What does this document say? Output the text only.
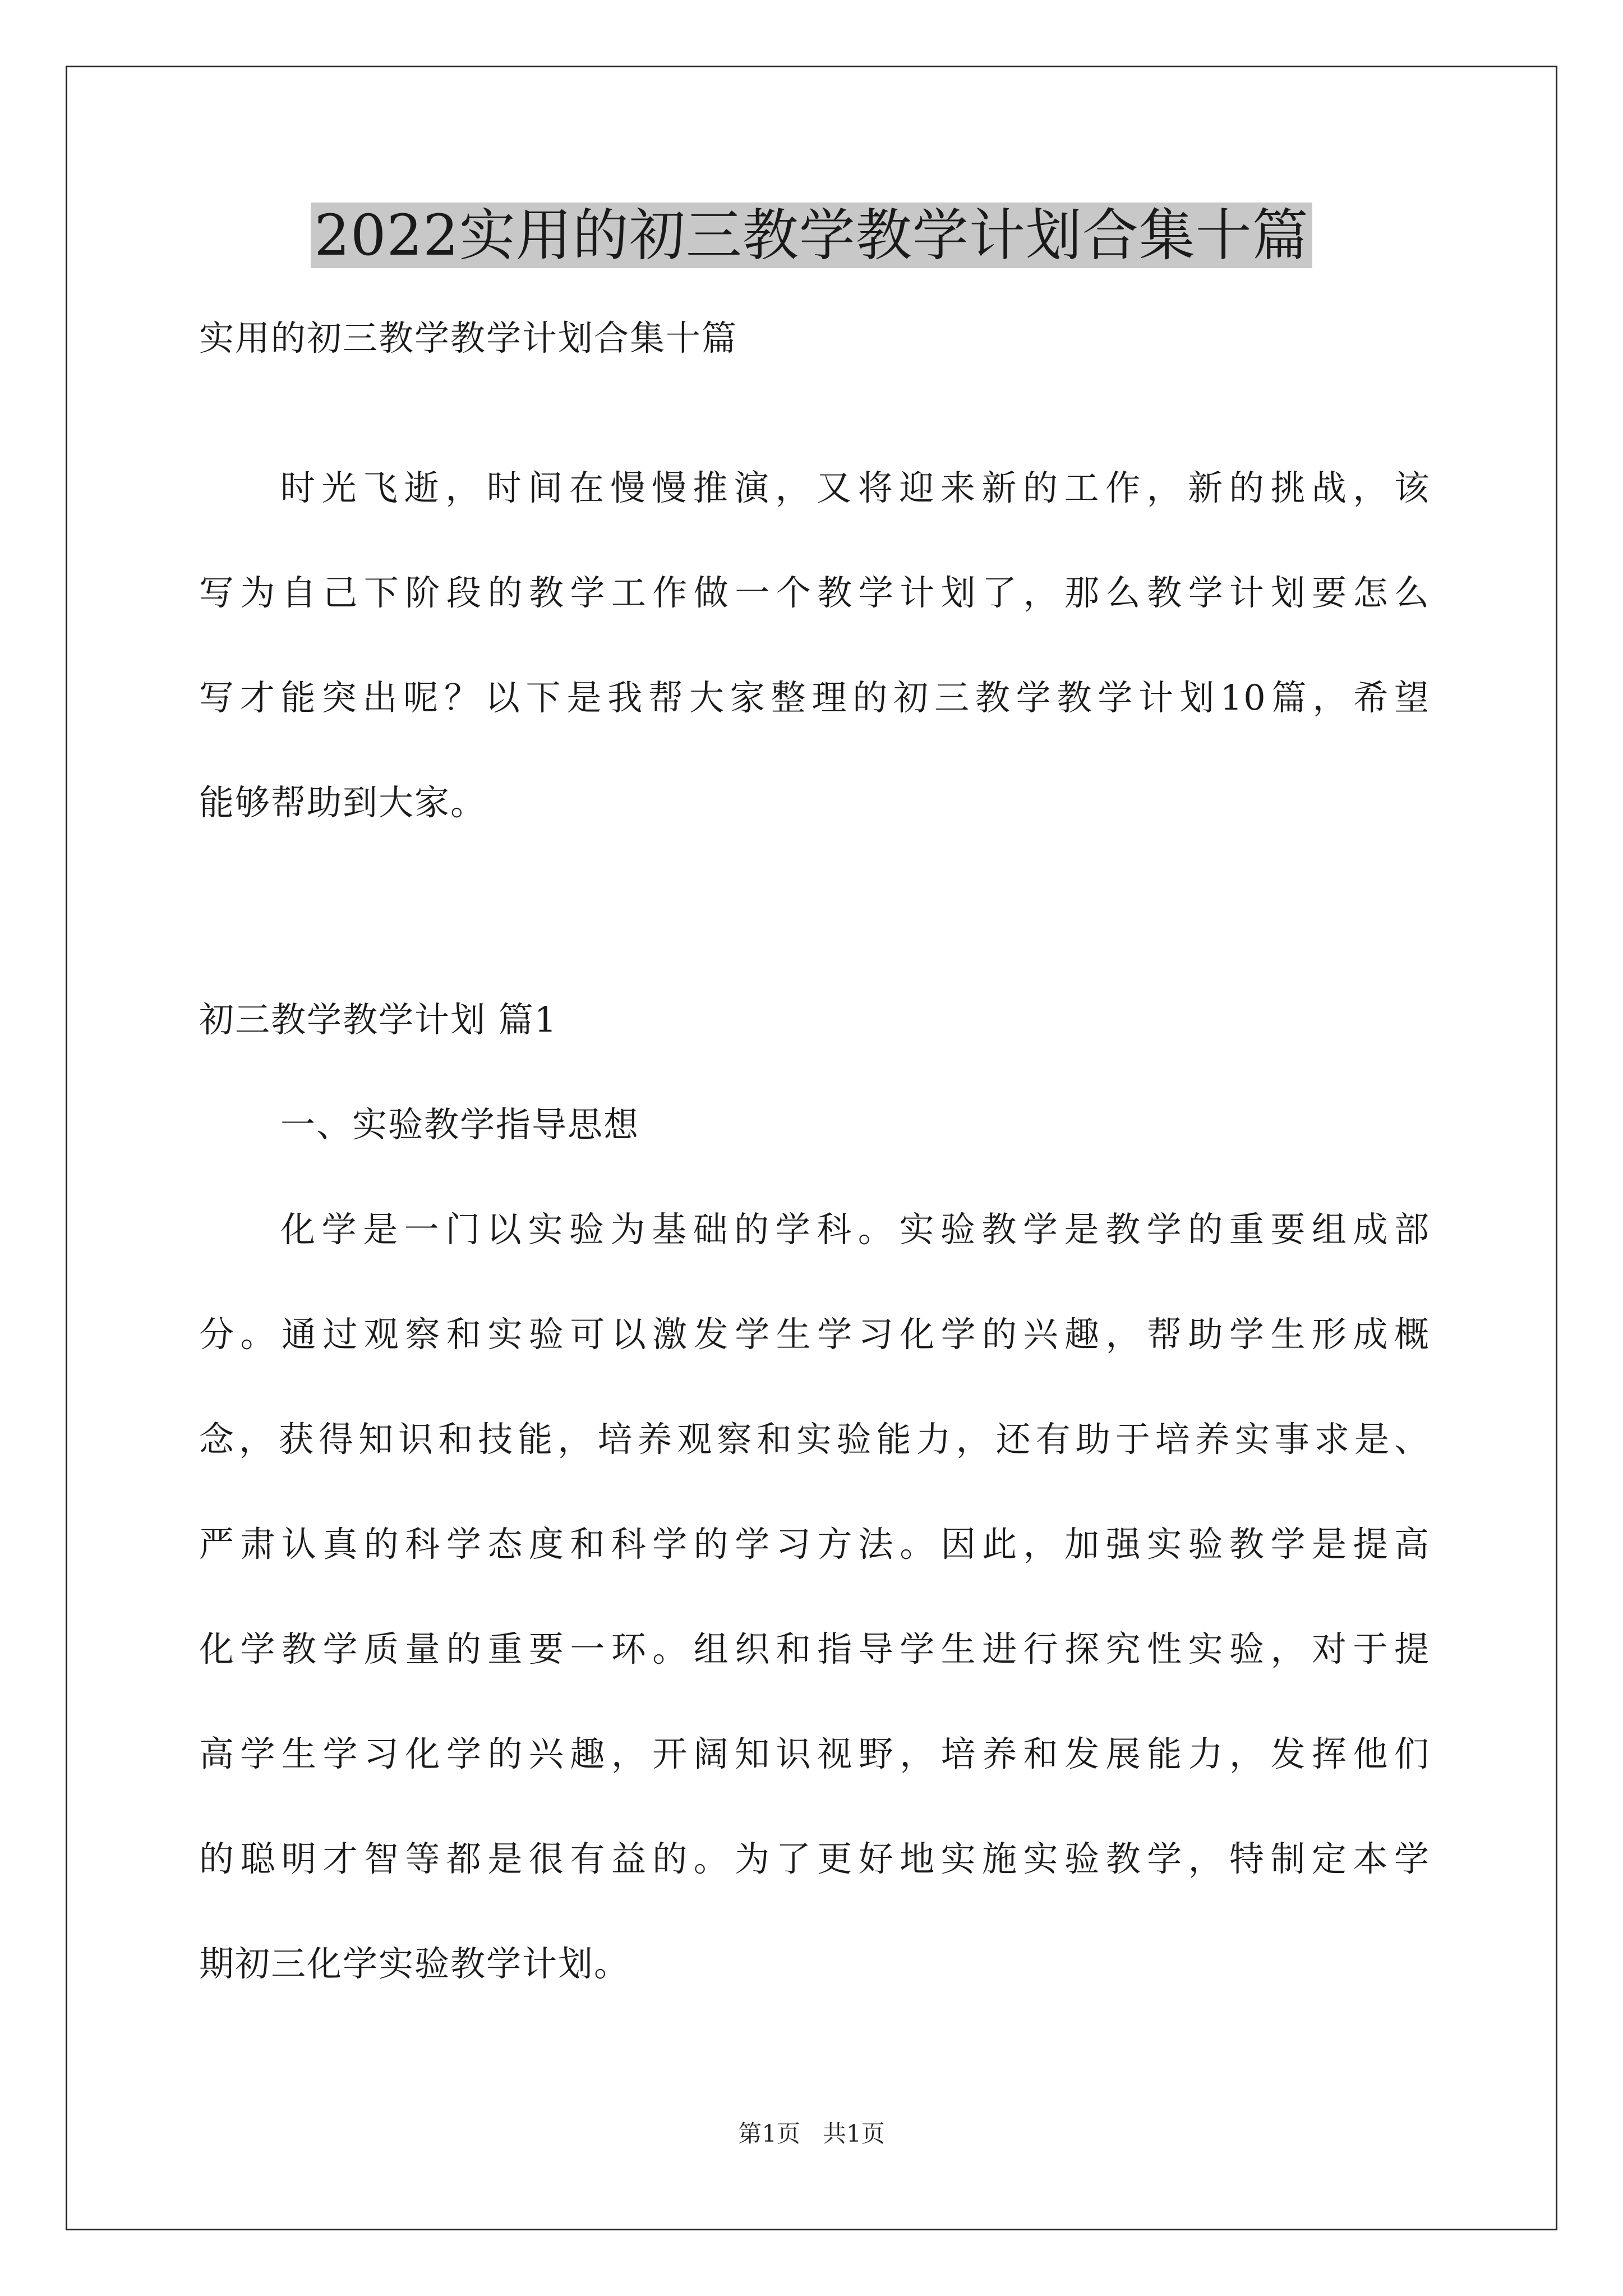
2022实用的初三教学教学计划合集十篇
实用的初三教学教学计划合集十篇
时光飞逝，时间在慢慢推演，又将迎来新的工作，新的挑战，该
写为自己下阶段的教学工作做一个教学计划了，那么教学计划要怎么
写才能突出呢？以下是我帮大家整理的初三教学教学计划10篇，希望
能够帮助到大家。
初三教学教学计划 篇1
一、实验教学指导思想
化学是一门以实验为基础的学科。实验教学是教学的重要组成部
分。通过观察和实验可以激发学生学习化学的兴趣，帮助学生形成概
念，获得知识和技能，培养观察和实验能力，还有助于培养实事求是、
严肃认真的科学态度和科学的学习方法。因此，加强实验教学是提高
化学教学质量的重要一环。组织和指导学生进行探究性实验，对于提
高学生学习化学的兴趣，开阔知识视野，培养和发展能力，发挥他们
的聪明才智等都是很有益的。为了更好地实施实验教学，特制定本学
期初三化学实验教学计划。
第1页   共1页
